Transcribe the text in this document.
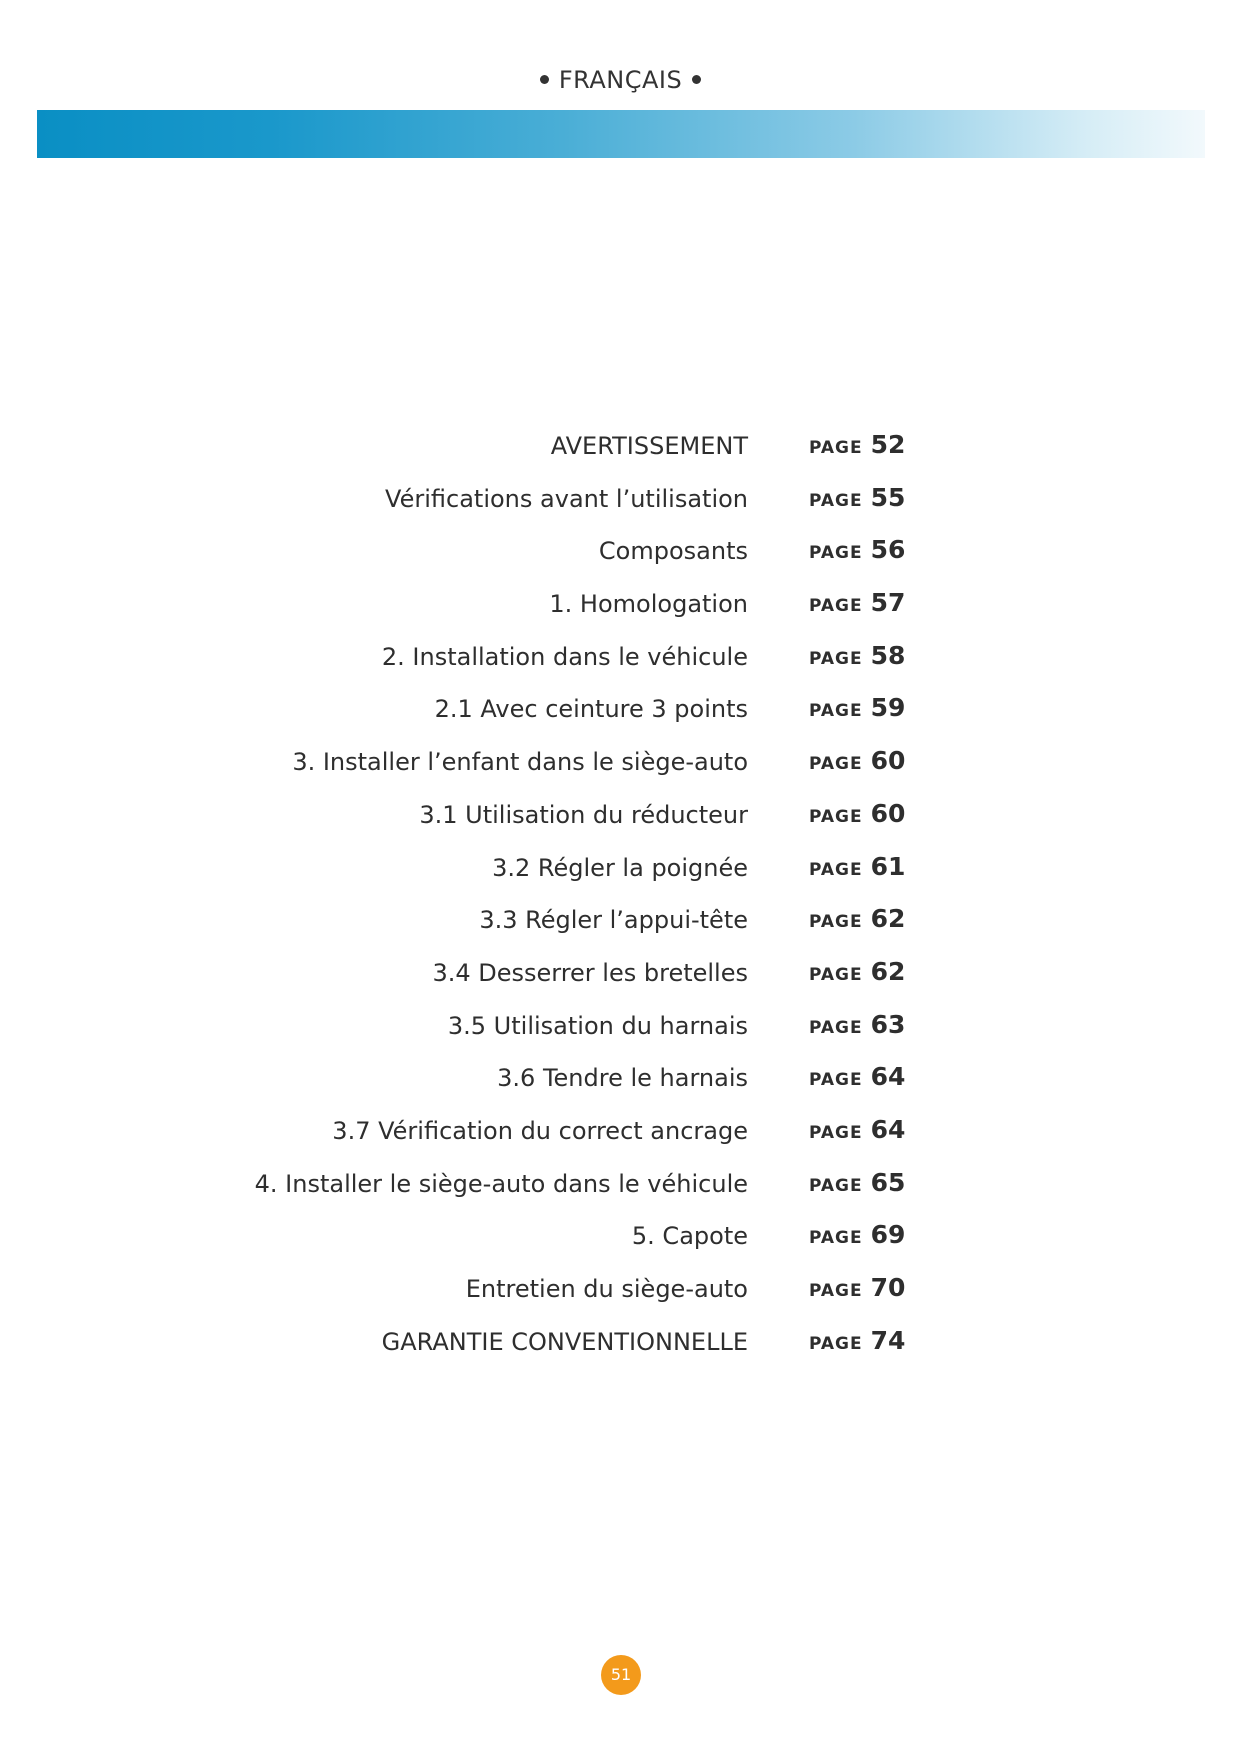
FRANÇAIS
AVERTISSEMENT	PAGE 52
Vérifications avant l’utilisation	PAGE 55
Composants	PAGE 56
1. Homologation	PAGE 57
2. Installation dans le véhicule	PAGE 58
2.1 Avec ceinture 3 points	PAGE 59
3. Installer l’enfant dans le siège-auto	PAGE 60
3.1 Utilisation du réducteur	PAGE 60
3.2 Régler la poignée	PAGE 61
3.3 Régler l’appui-tête	PAGE 62
3.4 Desserrer les bretelles	PAGE 62
3.5 Utilisation du harnais	PAGE 63
3.6 Tendre le harnais	PAGE 64
3.7 Vérification du correct ancrage	PAGE 64
4. Installer le siège-auto dans le véhicule	PAGE 65
5. Capote	PAGE 69
Entretien du siège-auto	PAGE 70
GARANTIE CONVENTIONNELLE	PAGE 74
51
